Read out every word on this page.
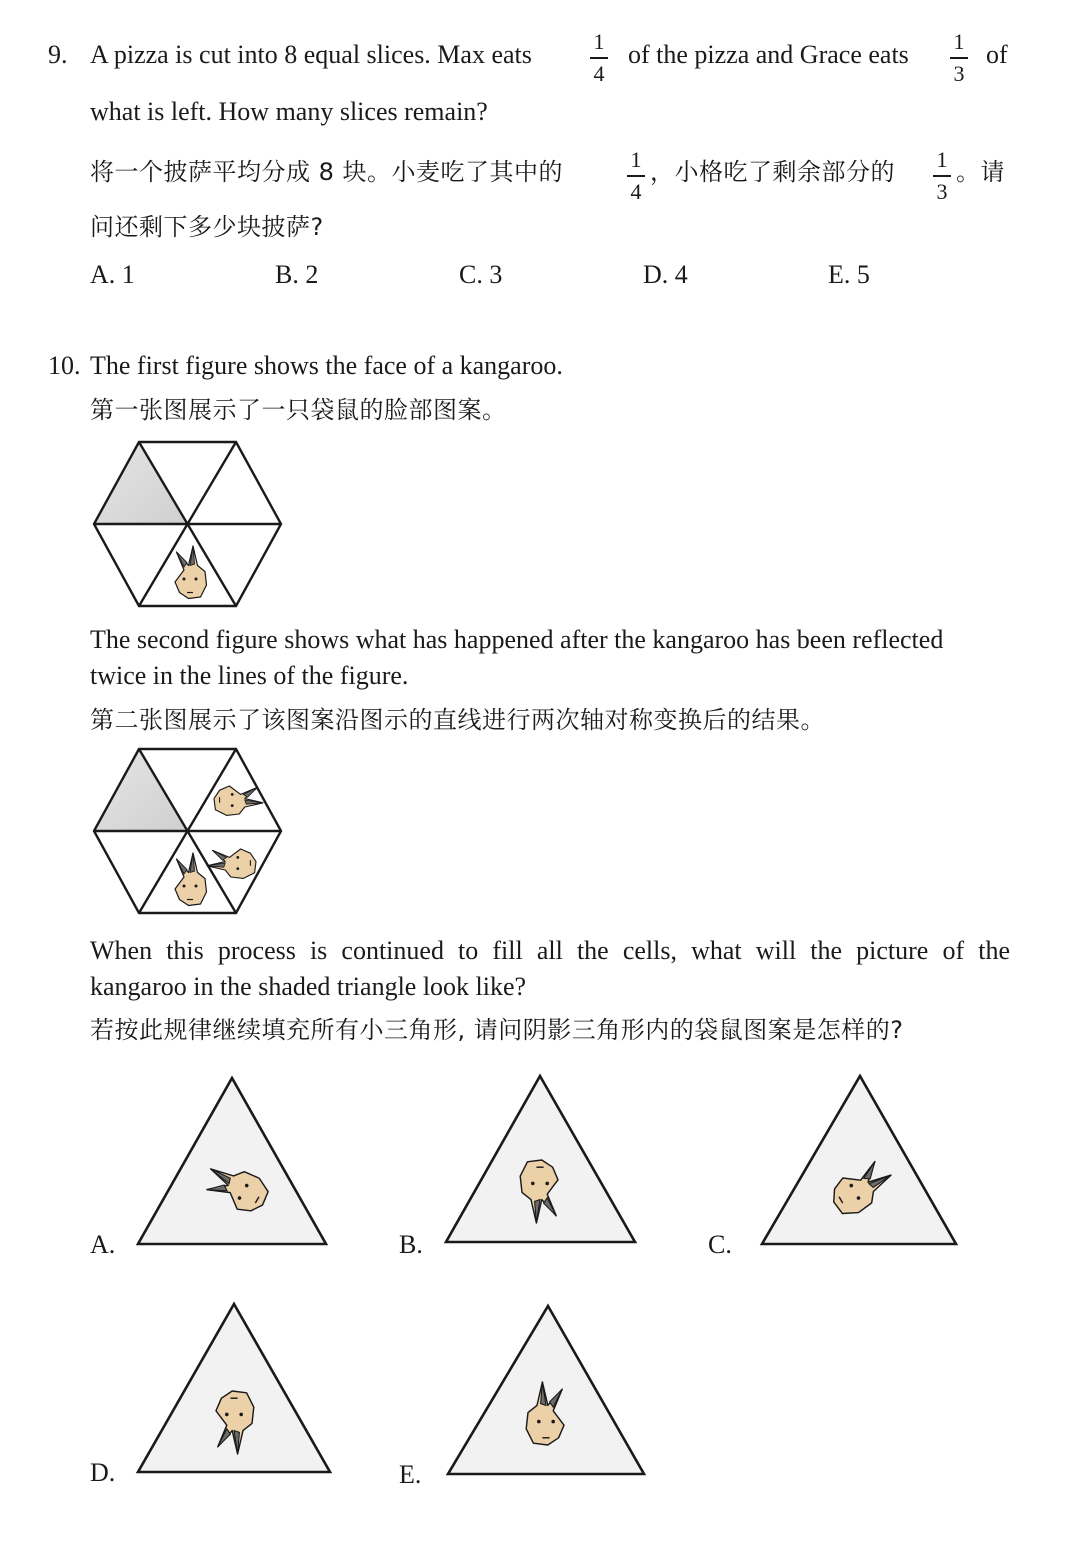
9. A pizza is cut into 8 equal slices. Max eats	1
4
of the pizza and Grace eats 1
3
of
what is left. How many slices remain?
将一个披萨平均分成 8 块。小麦吃了其中的	1
4
，小格吃了剩余部分的 1
3
。请
问还剩下多少块披萨?
A. 1	B. 2	C. 3	D. 4	E. 5
10. The first figure shows the face of a kangaroo.
第一张图展示了一只袋鼠的脸部图案。
The second figure shows what has happened after the kangaroo has been reflected
twice in the lines of the figure.
第二张图展示了该图案沿图示的直线进行两次轴对称变换后的结果。
When this process is continued to fill all the cells, what will the picture of the
kangaroo in the shaded triangle look like?
若按此规律继续填充所有小三角形, 请问阴影三角形内的袋鼠图案是怎样的?
A.	B.	C.
D.	E.
